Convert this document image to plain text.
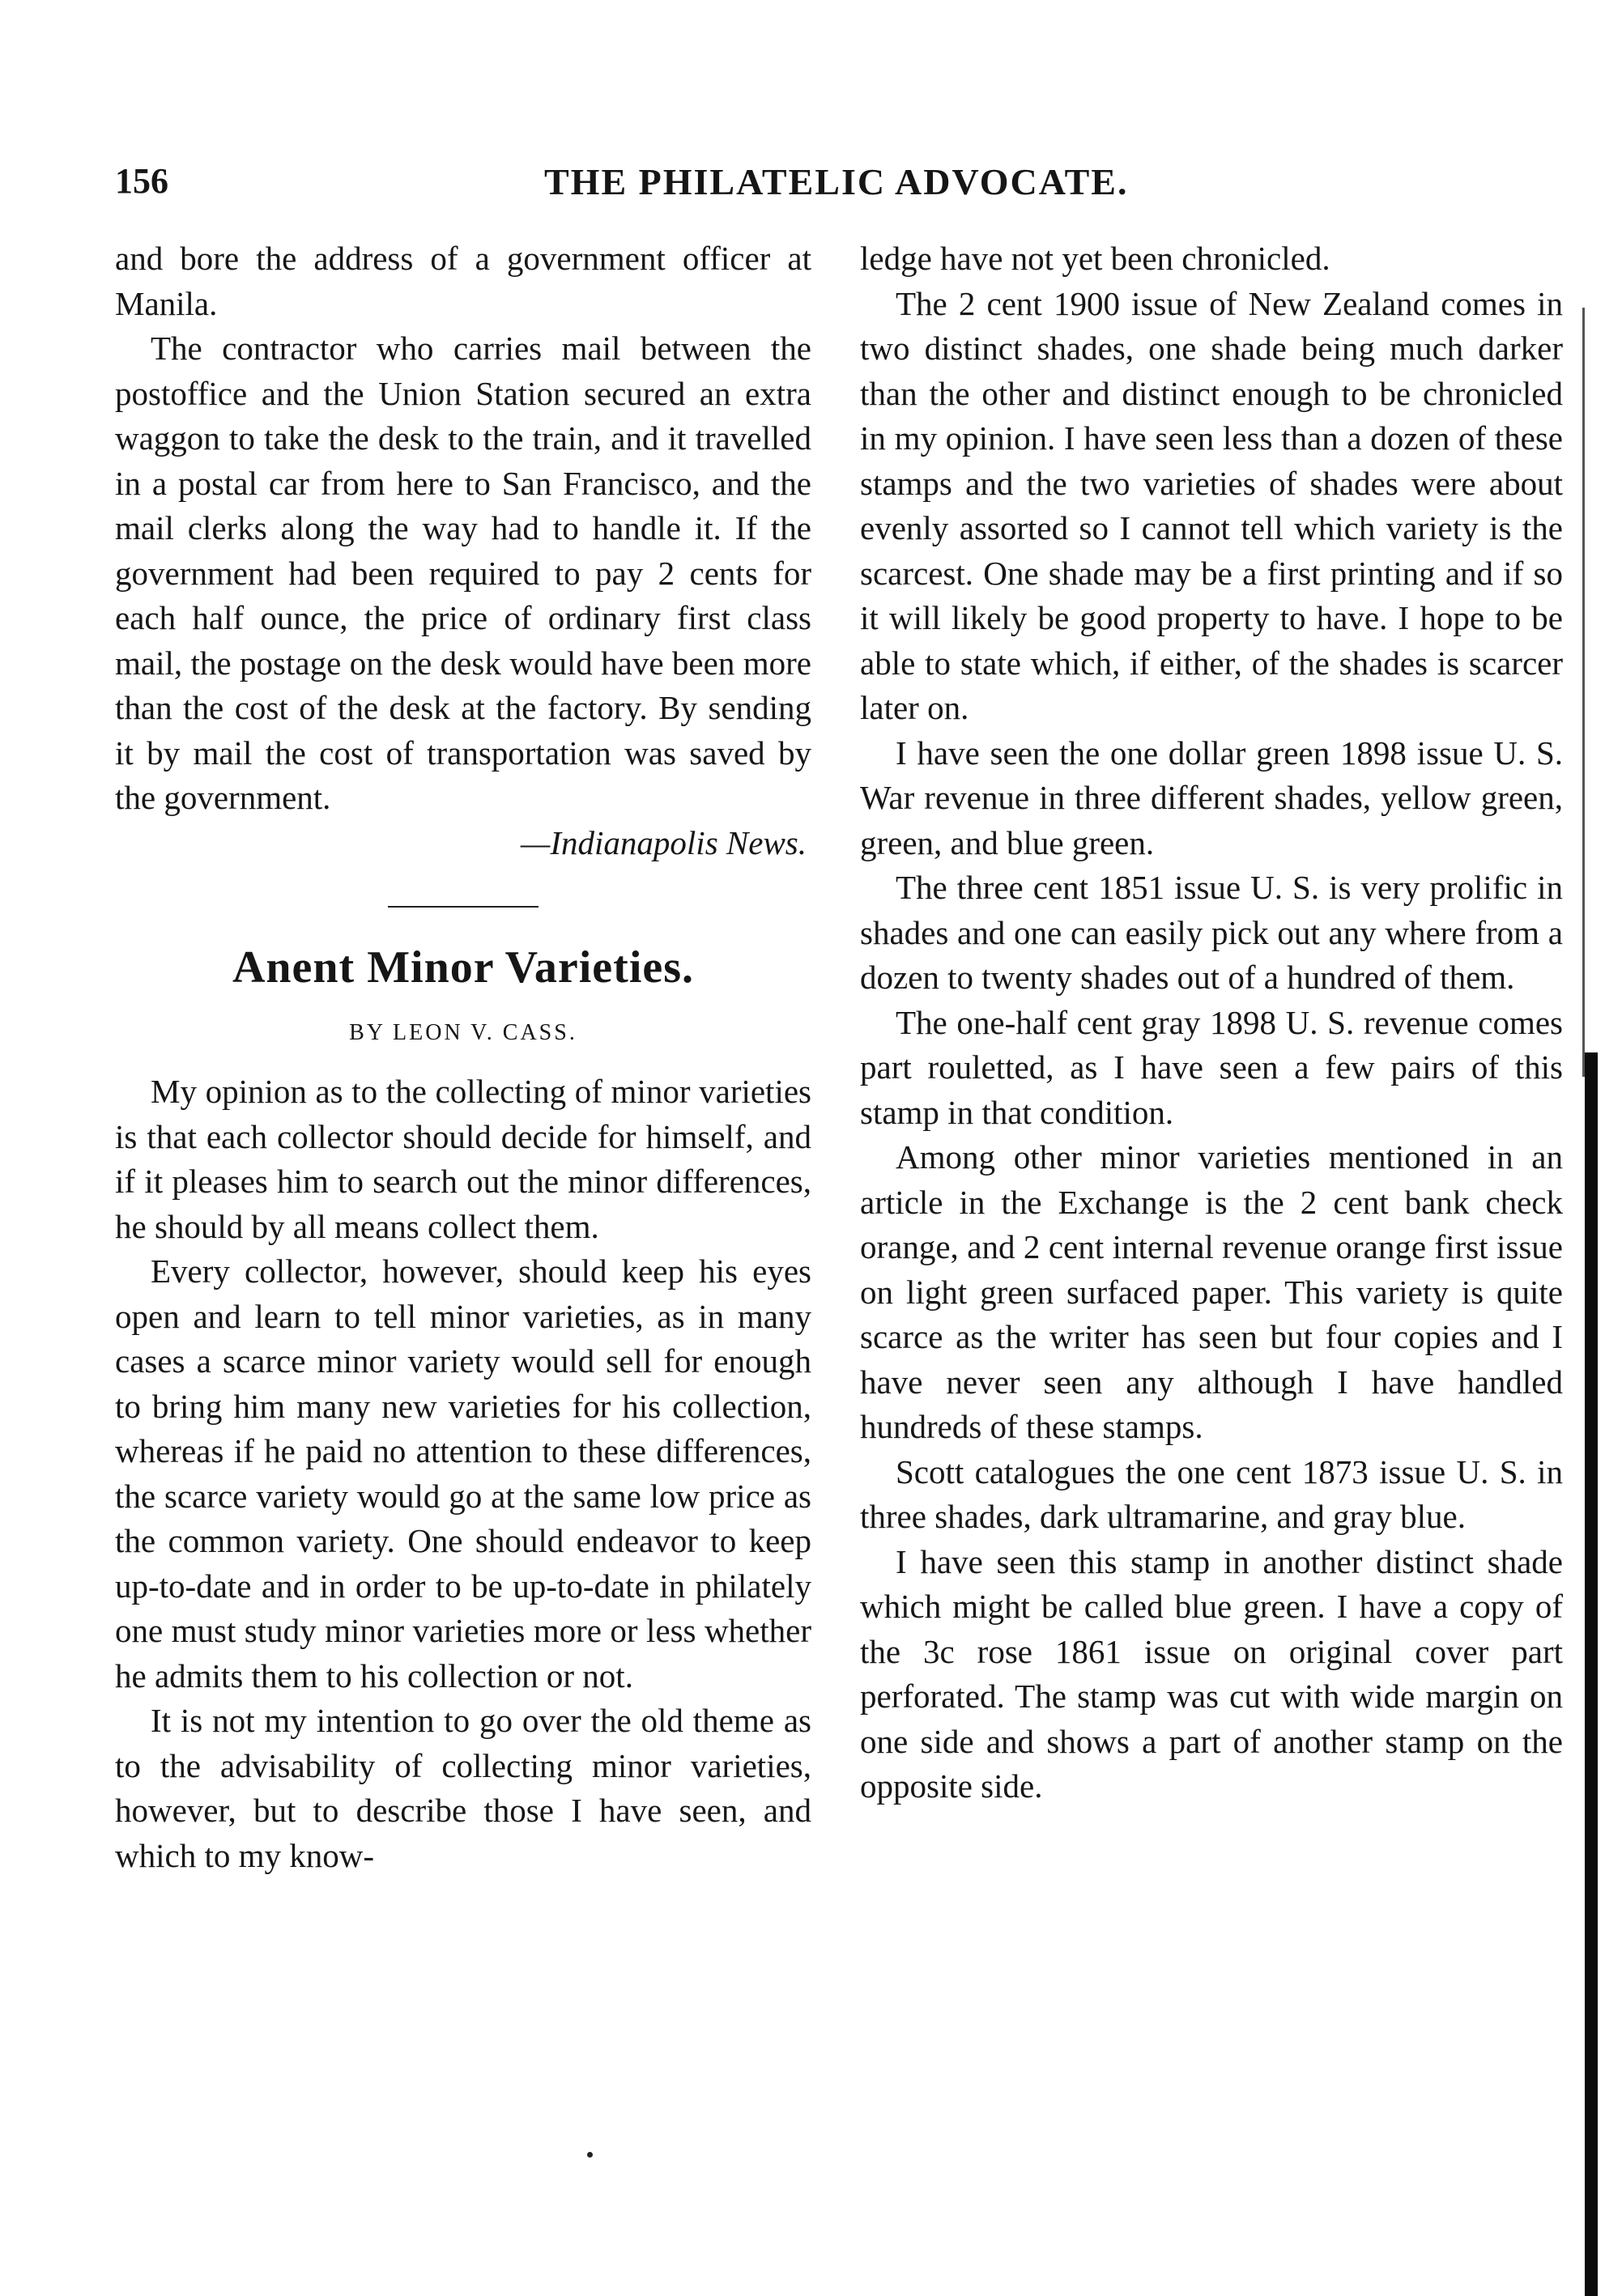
156	THE PHILATELIC ADVOCATE.

and bore the address of a government officer at Manila.

The contractor who carries mail between the postoffice and the Union Station secured an extra waggon to take the desk to the train, and it travelled in a postal car from here to San Francisco, and the mail clerks along the way had to handle it. If the government had been required to pay 2 cents for each half ounce, the price of ordinary first class mail, the postage on the desk would have been more than the cost of the desk at the factory. By sending it by mail the cost of transportation was saved by the government.

—Indianapolis News.

Anent Minor Varieties.
BY LEON V. CASS.

My opinion as to the collecting of minor varieties is that each collector should decide for himself, and if it pleases him to search out the minor differences, he should by all means collect them.

Every collector, however, should keep his eyes open and learn to tell minor varieties, as in many cases a scarce minor variety would sell for enough to bring him many new varieties for his collection, whereas if he paid no attention to these differences, the scarce variety would go at the same low price as the common variety. One should endeavor to keep up-to-date and in order to be up-to-date in philately one must study minor varieties more or less whether he admits them to his collection or not.

It is not my intention to go over the old theme as to the advisability of collecting minor varieties, however, but to describe those I have seen, and which to my know-

ledge have not yet been chronicled.

The 2 cent 1900 issue of New Zealand comes in two distinct shades, one shade being much darker than the other and distinct enough to be chronicled in my opinion. I have seen less than a dozen of these stamps and the two varieties of shades were about evenly assorted so I cannot tell which variety is the scarcest. One shade may be a first printing and if so it will likely be good property to have. I hope to be able to state which, if either, of the shades is scarcer later on.

I have seen the one dollar green 1898 issue U. S. War revenue in three different shades, yellow green, green, and blue green.

The three cent 1851 issue U. S. is very prolific in shades and one can easily pick out any where from a dozen to twenty shades out of a hundred of them.

The one-half cent gray 1898 U. S. revenue comes part rouletted, as I have seen a few pairs of this stamp in that condition.

Among other minor varieties mentioned in an article in the Exchange is the 2 cent bank check orange, and 2 cent internal revenue orange first issue on light green surfaced paper. This variety is quite scarce as the writer has seen but four copies and I have never seen any although I have handled hundreds of these stamps.

Scott catalogues the one cent 1873 issue U. S. in three shades, dark ultramarine, and gray blue.

I have seen this stamp in another distinct shade which might be called blue green. I have a copy of the 3c rose 1861 issue on original cover part perforated. The stamp was cut with wide margin on one side and shows a part of another stamp on the opposite side.
